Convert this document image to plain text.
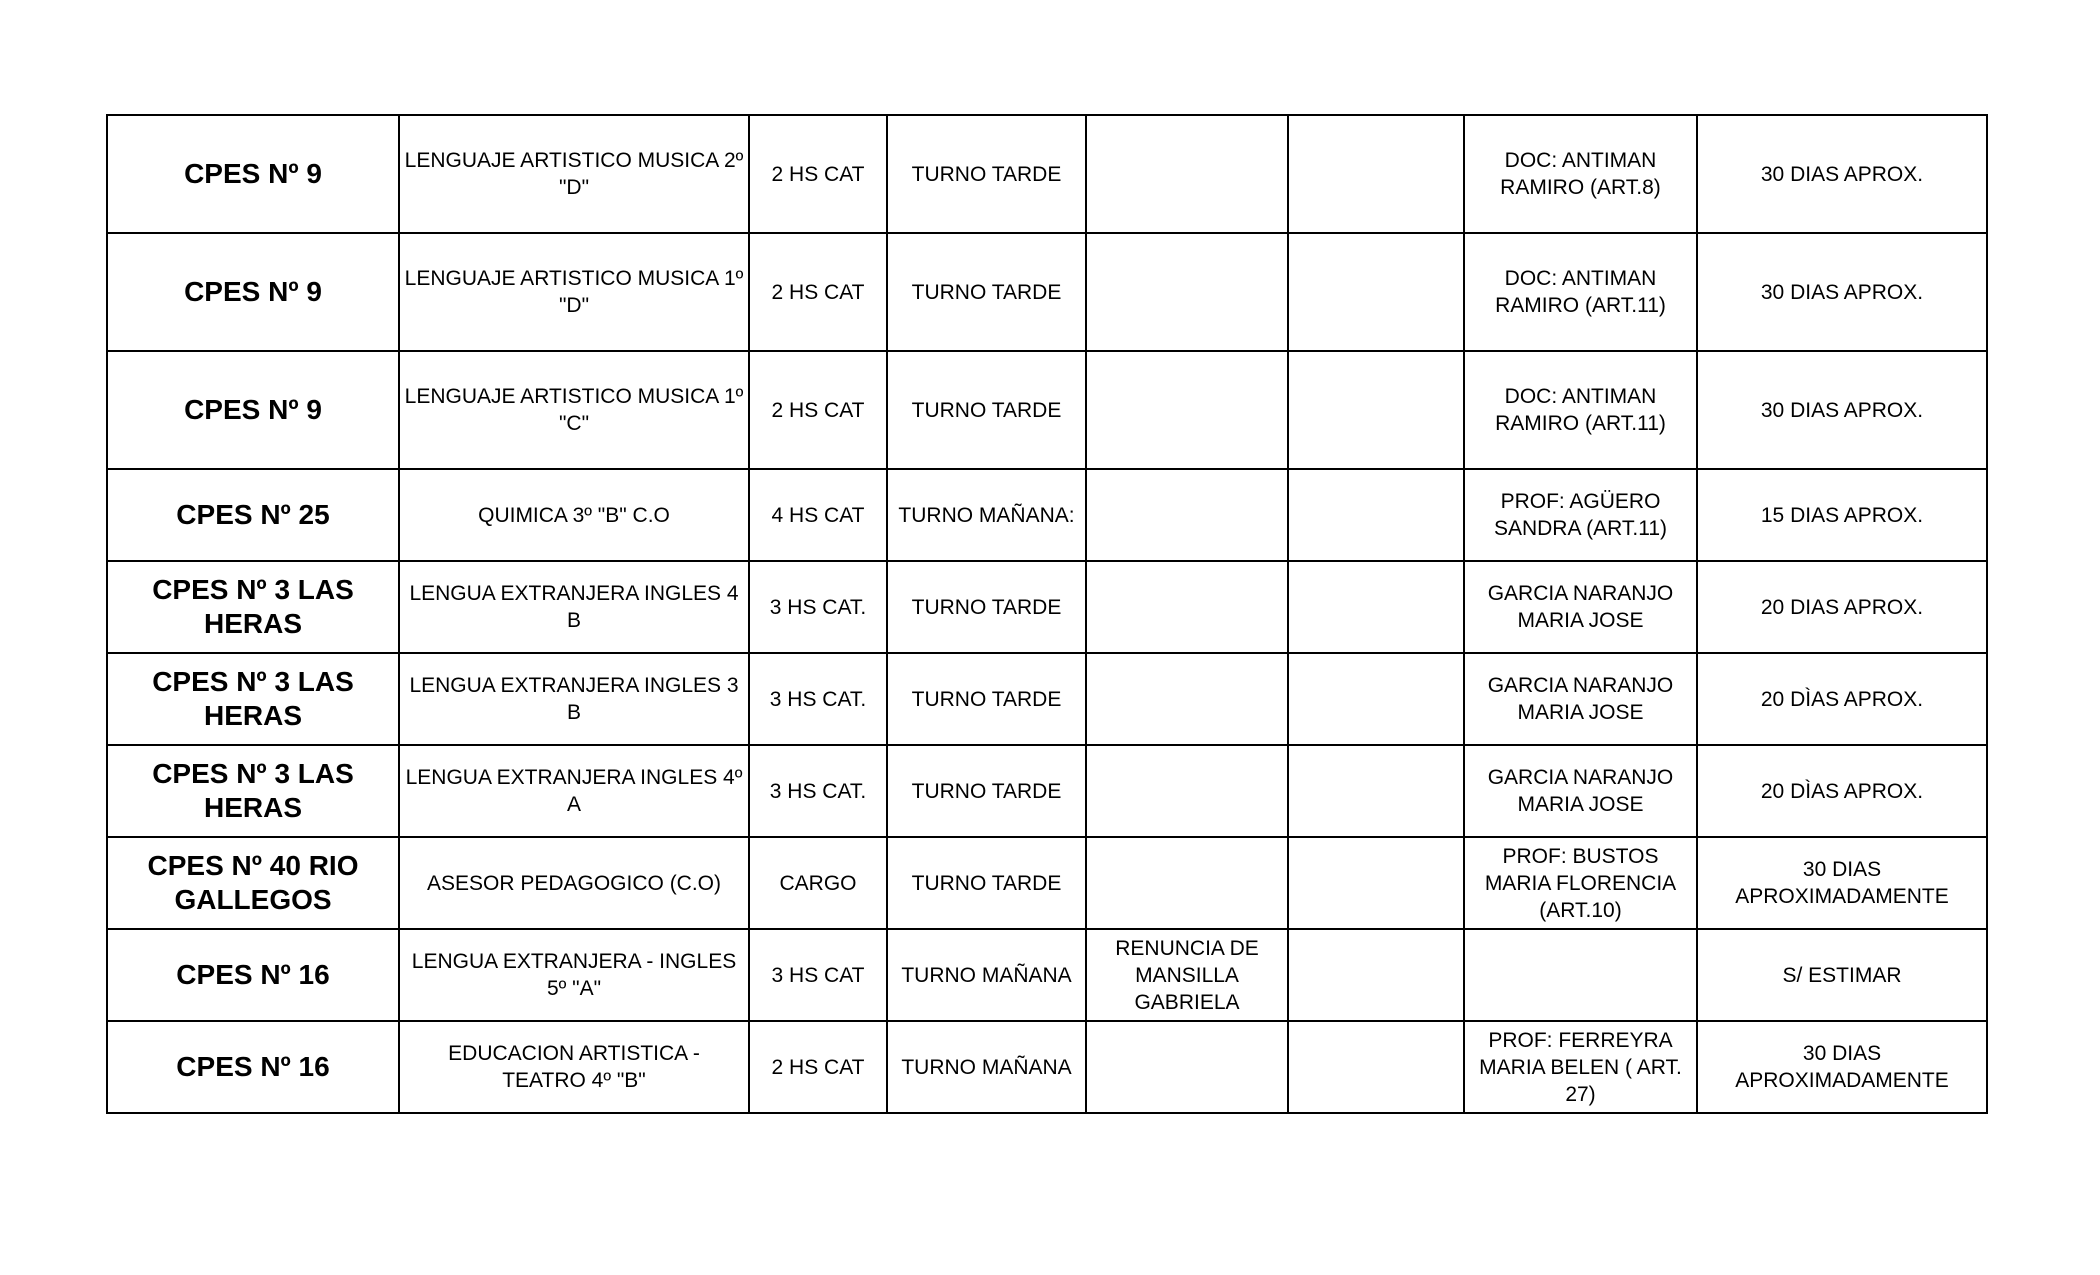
CPES Nº 9	LENGUAJE ARTISTICO MUSICA 2º "D"	2 HS CAT	TURNO TARDE			DOC: ANTIMAN RAMIRO (ART.8)	30 DIAS APROX.
CPES Nº 9	LENGUAJE ARTISTICO MUSICA 1º "D"	2 HS CAT	TURNO TARDE			DOC: ANTIMAN RAMIRO (ART.11)	30 DIAS APROX.
CPES Nº 9	LENGUAJE ARTISTICO MUSICA 1º "C"	2 HS CAT	TURNO TARDE			DOC: ANTIMAN RAMIRO (ART.11)	30 DIAS APROX.
CPES Nº 25	QUIMICA 3º "B" C.O	4 HS CAT	TURNO MAÑANA:			PROF: AGÜERO SANDRA (ART.11)	15 DIAS APROX.
CPES Nº 3 LAS HERAS	LENGUA EXTRANJERA INGLES 4 B	3 HS CAT.	TURNO TARDE			GARCIA NARANJO MARIA JOSE	20 DIAS APROX.
CPES Nº 3 LAS HERAS	LENGUA EXTRANJERA INGLES 3 B	3 HS CAT.	TURNO TARDE			GARCIA NARANJO MARIA JOSE	20 DÌAS APROX.
CPES Nº 3 LAS HERAS	LENGUA EXTRANJERA INGLES 4º A	3 HS CAT.	TURNO TARDE			GARCIA NARANJO MARIA JOSE	20 DÌAS APROX.
CPES Nº 40 RIO GALLEGOS	ASESOR PEDAGOGICO (C.O)	CARGO	TURNO TARDE			PROF: BUSTOS MARIA FLORENCIA (ART.10)	30 DIAS APROXIMADAMENTE
CPES Nº 16	LENGUA EXTRANJERA - INGLES 5º "A"	3 HS CAT	TURNO MAÑANA	RENUNCIA DE MANSILLA GABRIELA			S/ ESTIMAR
CPES Nº 16	EDUCACION ARTISTICA - TEATRO 4º "B"	2 HS CAT	TURNO MAÑANA			PROF: FERREYRA MARIA BELEN ( ART. 27)	30 DIAS APROXIMADAMENTE
